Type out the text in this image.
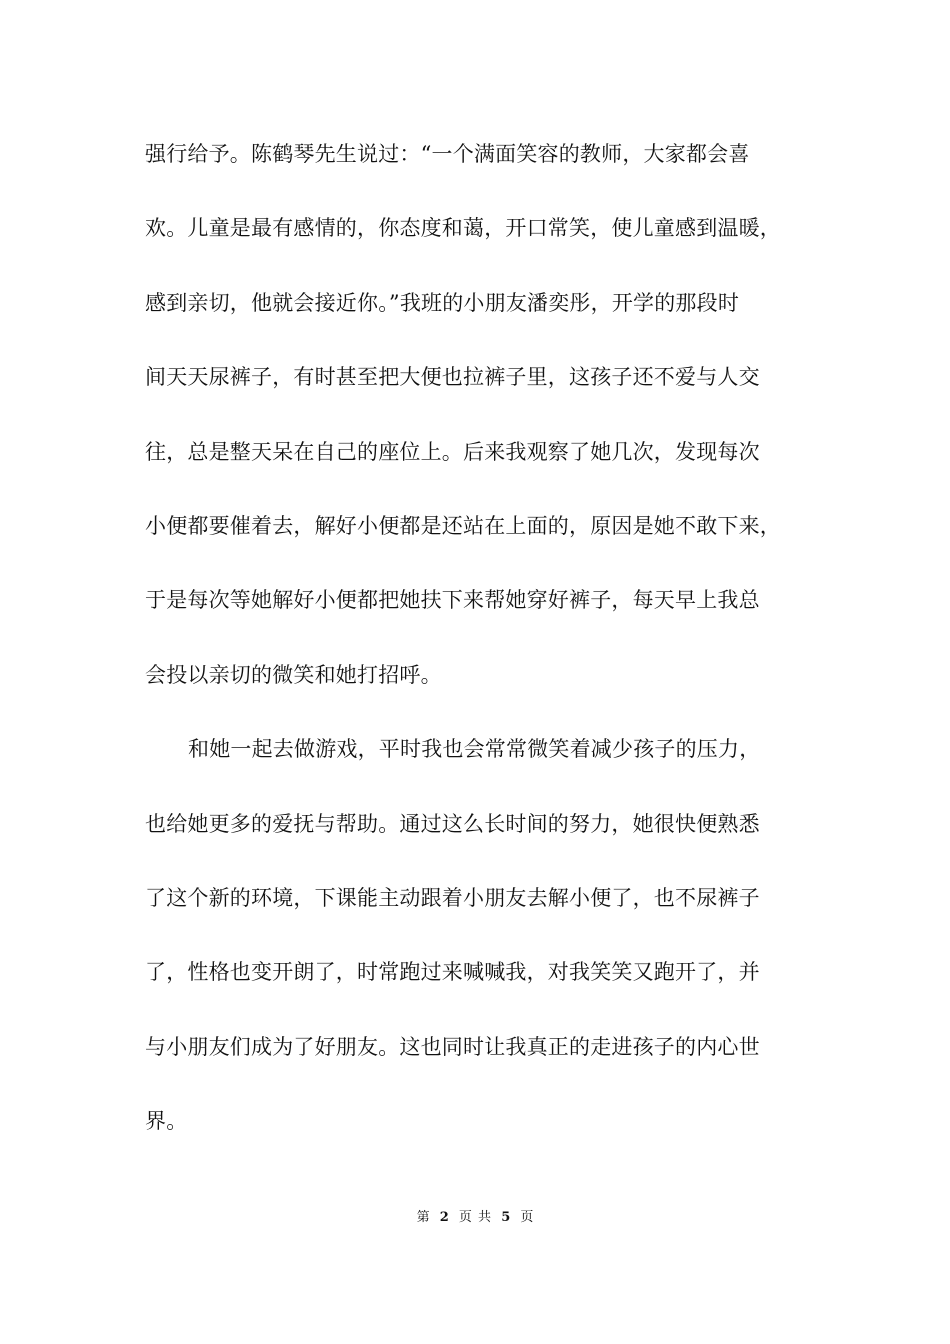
强行给予。陈鹤琴先生说过：“一个满面笑容的教师，大家都会喜
欢。儿童是最有感情的，你态度和蔼，开口常笑，使儿童感到温暖，
感到亲切，他就会接近你。”我班的小朋友潘奕彤，开学的那段时
间天天尿裤子，有时甚至把大便也拉裤子里，这孩子还不爱与人交
往，总是整天呆在自己的座位上。后来我观察了她几次，发现每次
小便都要催着去，解好小便都是还站在上面的，原因是她不敢下来，
于是每次等她解好小便都把她扶下来帮她穿好裤子，每天早上我总
会投以亲切的微笑和她打招呼。
和她一起去做游戏，平时我也会常常微笑着减少孩子的压力，
也给她更多的爱抚与帮助。通过这么长时间的努力，她很快便熟悉
了这个新的环境，下课能主动跟着小朋友去解小便了，也不尿裤子
了，性格也变开朗了，时常跑过来喊喊我，对我笑笑又跑开了，并
与小朋友们成为了好朋友。这也同时让我真正的走进孩子的内心世
界。
第 2 页 共 5 页
